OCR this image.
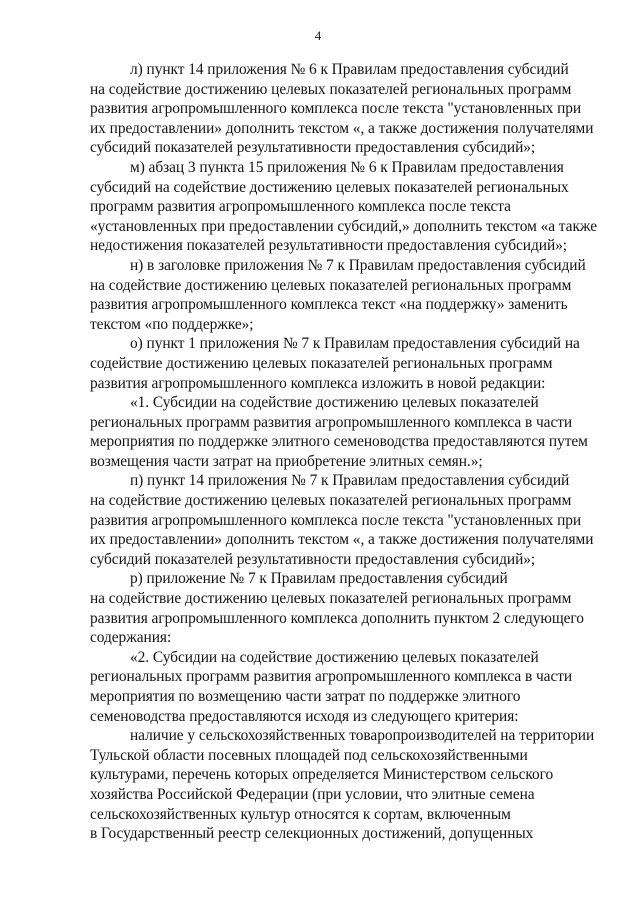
4

л) пункт 14 приложения № 6 к Правилам предоставления субсидий
на содействие достижению целевых показателей региональных программ
развития агропромышленного комплекса после текста "установленных при
их предоставлении» дополнить текстом «, а также достижения получателями
субсидий показателей результативности предоставления субсидий»;

м) абзац 3 пункта 15 приложения № 6 к Правилам предоставления
субсидий на содействие достижению целевых показателей региональных
программ развития агропромышленного комплекса после текста
«установленных при предоставлении субсидий,» дополнить текстом «а также
недостижения показателей результативности предоставления субсидий»;

н) в заголовке приложения № 7 к Правилам предоставления субсидий
на содействие достижению целевых показателей региональных программ
развития агропромышленного комплекса текст «на поддержку» заменить
текстом «по поддержке»;

о) пункт 1 приложения № 7 к Правилам предоставления субсидий на
содействие достижению целевых показателей региональных программ
развития агропромышленного комплекса изложить в новой редакции:

«1. Субсидии на содействие достижению целевых показателей
региональных программ развития агропромышленного комплекса в части
мероприятия по поддержке элитного семеноводства предоставляются путем
возмещения части затрат на приобретение элитных семян.»;

п) пункт 14 приложения № 7 к Правилам предоставления субсидий
на содействие достижению целевых показателей региональных программ
развития агропромышленного комплекса после текста "установленных при
их предоставлении» дополнить текстом «, а также достижения получателями
субсидий показателей результативности предоставления субсидий»;

р) приложение № 7 к Правилам предоставления субсидий
на содействие достижению целевых показателей региональных программ
развития агропромышленного комплекса дополнить пунктом 2 следующего
содержания:

«2. Субсидии на содействие достижению целевых показателей
региональных программ развития агропромышленного комплекса в части
мероприятия по возмещению части затрат по поддержке элитного
семеноводства предоставляются исходя из следующего критерия:

наличие у сельскохозяйственных товаропроизводителей на территории
Тульской области посевных площадей под сельскохозяйственными
культурами, перечень которых определяется Министерством сельского
хозяйства Российской Федерации (при условии, что элитные семена
сельскохозяйственных культур относятся к сортам, включенным
в Государственный реестр селекционных достижений, допущенных
